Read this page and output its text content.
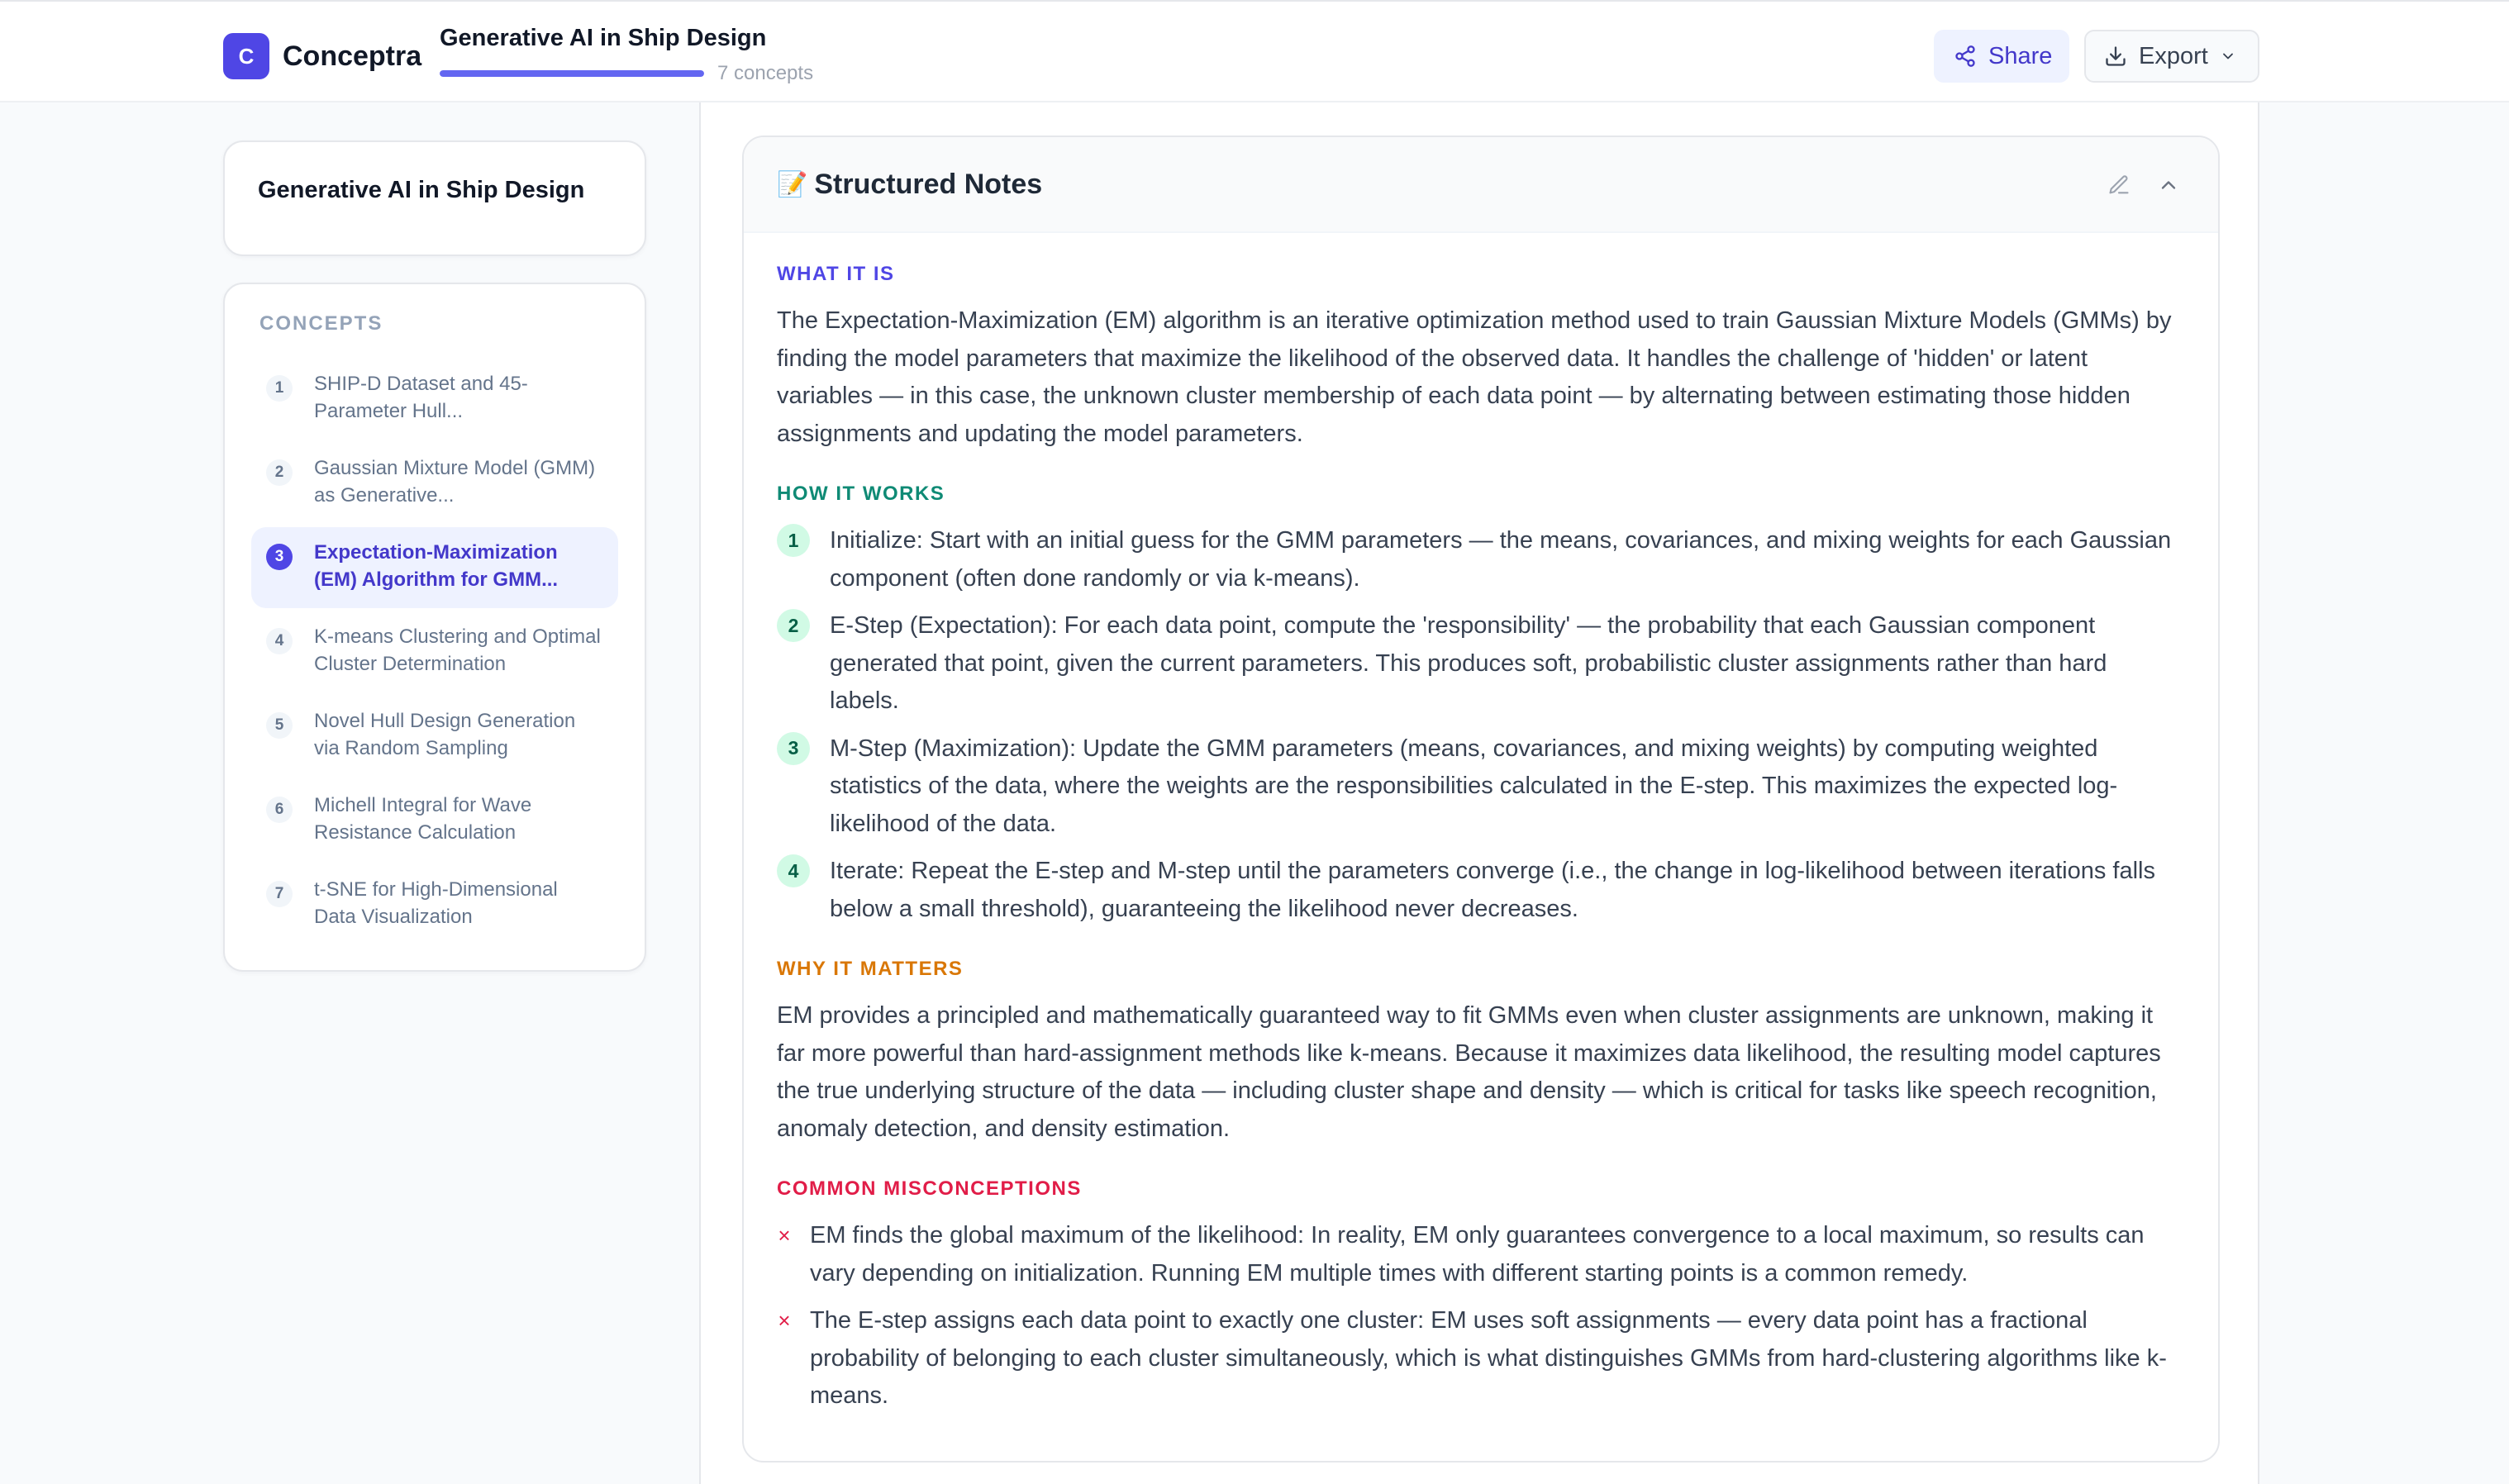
C	Conceptra
Generative AI in Ship Design
7 concepts
Share	Export
Generative AI in Ship Design
CONCEPTS
1	SHIP-D Dataset and 45-Parameter Hull...
2	Gaussian Mixture Model (GMM) as Generative...
3	Expectation-Maximization (EM) Algorithm for GMM...
4	K-means Clustering and Optimal Cluster Determination
5	Novel Hull Design Generation via Random Sampling
6	Michell Integral for Wave Resistance Calculation
7	t-SNE for High-Dimensional Data Visualization
📝 Structured Notes
WHAT IT IS
The Expectation-Maximization (EM) algorithm is an iterative optimization method used to train Gaussian Mixture Models (GMMs) by finding the model parameters that maximize the likelihood of the observed data. It handles the challenge of 'hidden' or latent variables — in this case, the unknown cluster membership of each data point — by alternating between estimating those hidden assignments and updating the model parameters.
HOW IT WORKS
1	Initialize: Start with an initial guess for the GMM parameters — the means, covariances, and mixing weights for each Gaussian component (often done randomly or via k-means).
2	E-Step (Expectation): For each data point, compute the 'responsibility' — the probability that each Gaussian component generated that point, given the current parameters. This produces soft, probabilistic cluster assignments rather than hard labels.
3	M-Step (Maximization): Update the GMM parameters (means, covariances, and mixing weights) by computing weighted statistics of the data, where the weights are the responsibilities calculated in the E-step. This maximizes the expected log-likelihood of the data.
4	Iterate: Repeat the E-step and M-step until the parameters converge (i.e., the change in log-likelihood between iterations falls below a small threshold), guaranteeing the likelihood never decreases.
WHY IT MATTERS
EM provides a principled and mathematically guaranteed way to fit GMMs even when cluster assignments are unknown, making it far more powerful than hard-assignment methods like k-means. Because it maximizes data likelihood, the resulting model captures the true underlying structure of the data — including cluster shape and density — which is critical for tasks like speech recognition, anomaly detection, and density estimation.
COMMON MISCONCEPTIONS
× EM finds the global maximum of the likelihood: In reality, EM only guarantees convergence to a local maximum, so results can vary depending on initialization. Running EM multiple times with different starting points is a common remedy.
× The E-step assigns each data point to exactly one cluster: EM uses soft assignments — every data point has a fractional probability of belonging to each cluster simultaneously, which is what distinguishes GMMs from hard-clustering algorithms like k-means.
